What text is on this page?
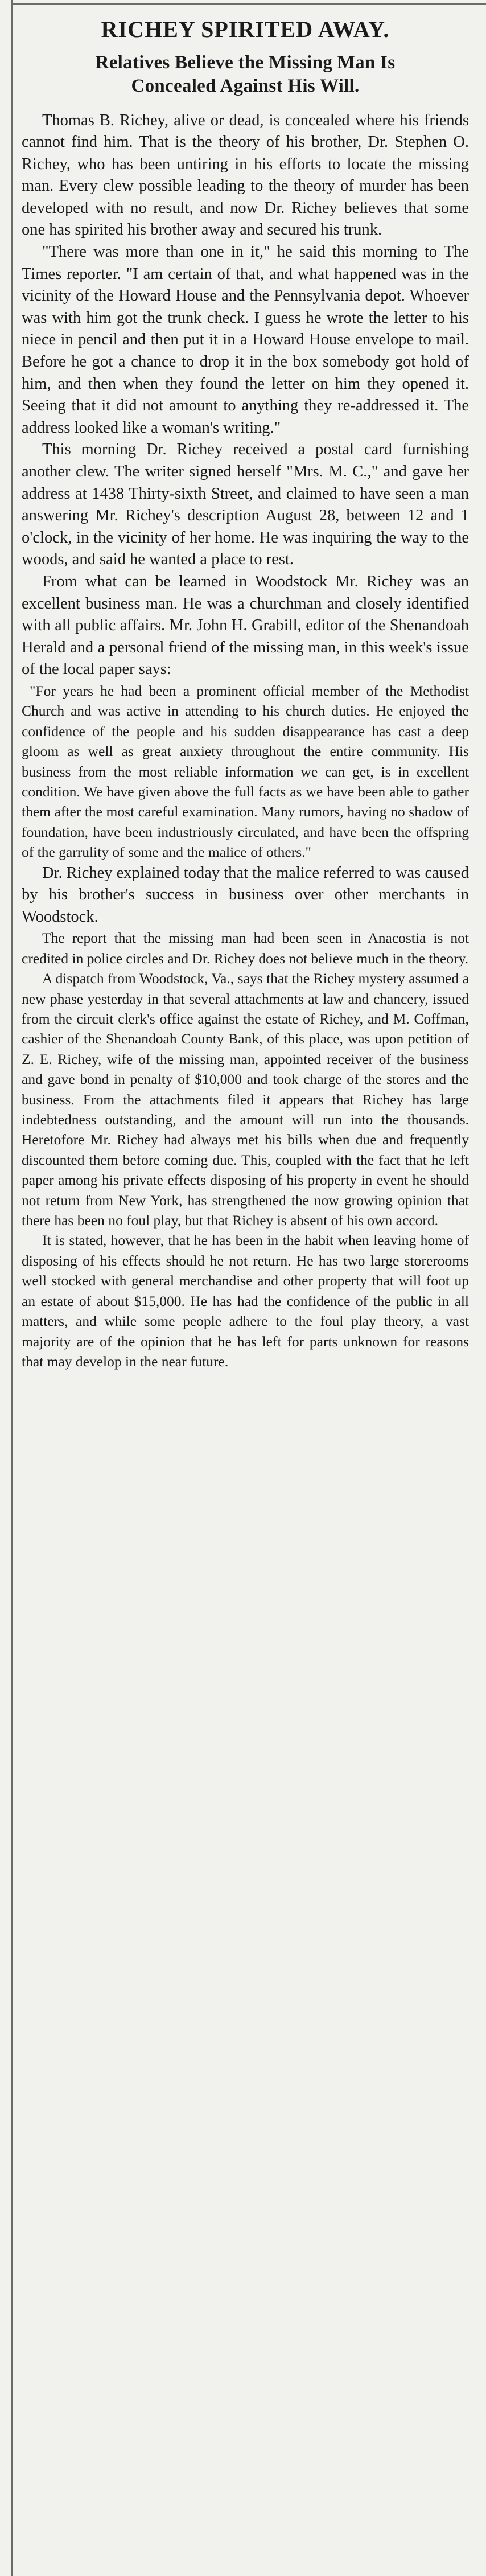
RICHEY SPIRITED AWAY.
Relatives Believe the Missing Man Is
Concealed Against His Will.

Thomas B. Richey, alive or dead, is concealed where his friends cannot find him. That is the theory of his brother, Dr. Stephen O. Richey, who has been untiring in his efforts to locate the missing man. Every clew possible leading to the theory of murder has been developed with no result, and now Dr. Richey believes that some one has spirited his brother away and secured his trunk.

"There was more than one in it," he said this morning to The Times reporter. "I am certain of that, and what happened was in the vicinity of the Howard House and the Pennsylvania depot. Whoever was with him got the trunk check. I guess he wrote the letter to his niece in pencil and then put it in a Howard House envelope to mail. Before he got a chance to drop it in the box somebody got hold of him, and then when they found the letter on him they opened it. Seeing that it did not amount to anything they re-addressed it. The address looked like a woman's writing."

This morning Dr. Richey received a postal card furnishing another clew. The writer signed herself "Mrs. M. C.," and gave her address at 1438 Thirty-sixth Street, and claimed to have seen a man answering Mr. Richey's description August 28, between 12 and 1 o'clock, in the vicinity of her home. He was inquiring the way to the woods, and said he wanted a place to rest.

From what can be learned in Woodstock Mr. Richey was an excellent business man. He was a churchman and closely identified with all public affairs. Mr. John H. Grabill, editor of the Shenandoah Herald and a personal friend of the missing man, in this week's issue of the local paper says:

"For years he had been a prominent official member of the Methodist Church and was active in attending to his church duties. He enjoyed the confidence of the people and his sudden disappearance has cast a deep gloom as well as great anxiety throughout the entire community. His business from the most reliable information we can get, is in excellent condition. We have given above the full facts as we have been able to gather them after the most careful examination. Many rumors, having no shadow of foundation, have been industriously circulated, and have been the offspring of the garrulity of some and the malice of others."

Dr. Richey explained today that the malice referred to was caused by his brother's success in business over other merchants in Woodstock.

The report that the missing man had been seen in Anacostia is not credited in police circles and Dr. Richey does not believe much in the theory.

A dispatch from Woodstock, Va., says that the Richey mystery assumed a new phase yesterday in that several attachments at law and chancery, issued from the circuit clerk's office against the estate of Richey, and M. Coffman, cashier of the Shenandoah County Bank, of this place, was upon petition of Z. E. Richey, wife of the missing man, appointed receiver of the business and gave bond in penalty of $10,000 and took charge of the stores and the business. From the attachments filed it appears that Richey has large indebtedness outstanding, and the amount will run into the thousands. Heretofore Mr. Richey had always met his bills when due and frequently discounted them before coming due. This, coupled with the fact that he left paper among his private effects disposing of his property in event he should not return from New York, has strengthened the now growing opinion that there has been no foul play, but that Richey is absent of his own accord.

It is stated, however, that he has been in the habit when leaving home of disposing of his effects should he not return. He has two large storerooms well stocked with general merchandise and other property that will foot up an estate of about $15,000. He has had the confidence of the public in all matters, and while some people adhere to the foul play theory, a vast majority are of the opinion that he has left for parts unknown for reasons that may develop in the near future.
